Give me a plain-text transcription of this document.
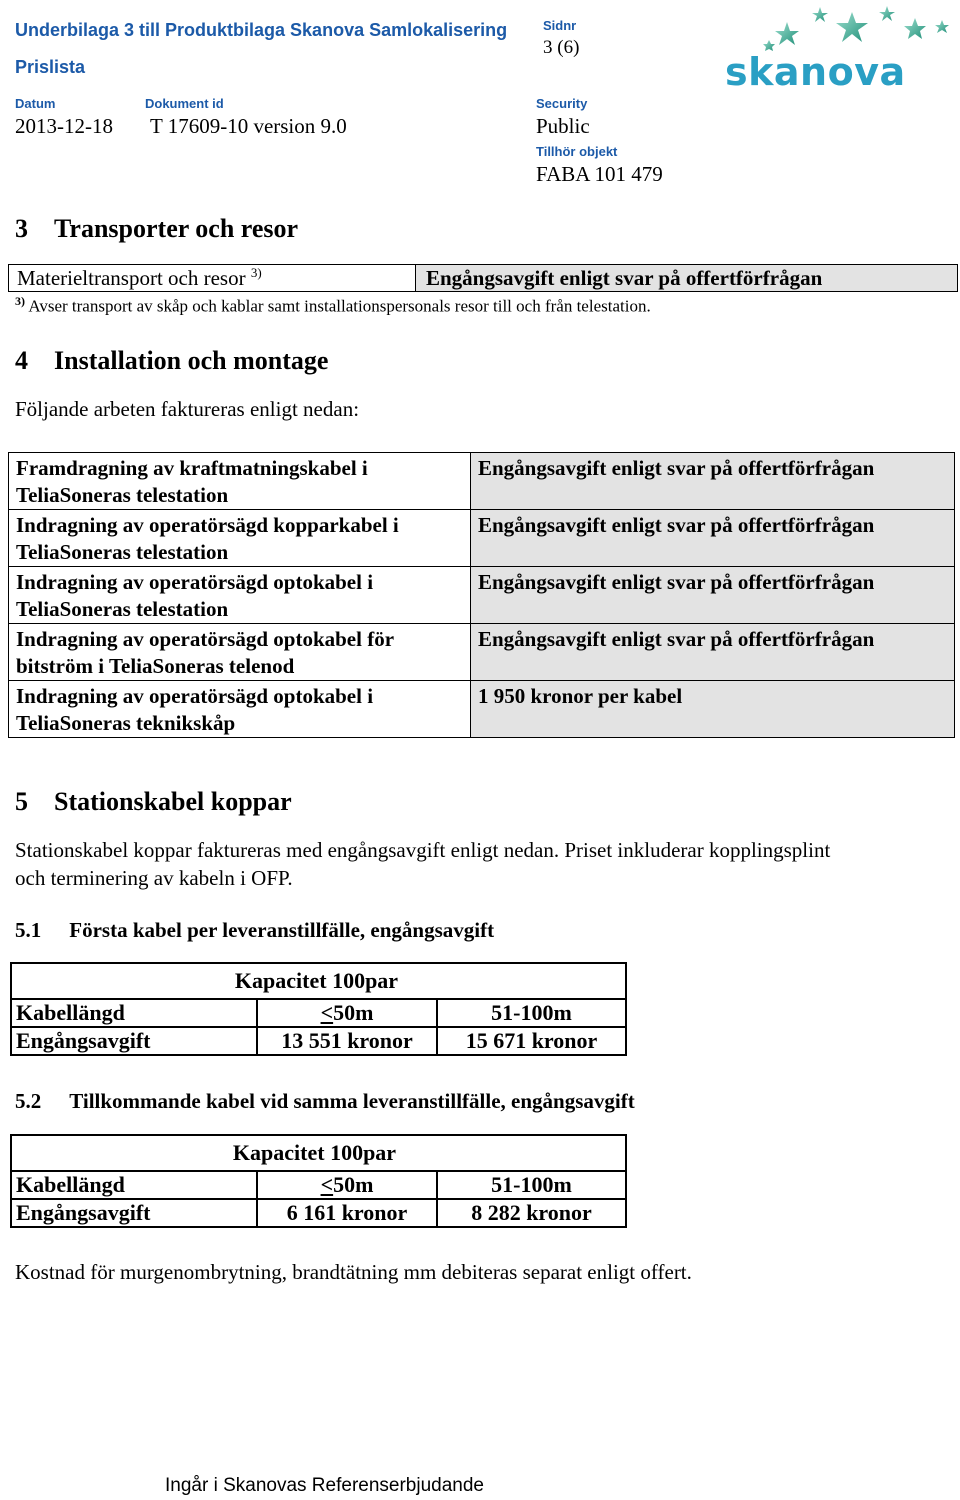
Underbilaga 3 till Produktbilaga Skanova Samlokalisering
Prislista
Sidnr
3 (6)
Datum
2013-12-18
Dokument id
T 17609-10 version 9.0
Security
Public
Tillhör objekt
FABA 101 479
skanova
3 Transporter och resor
Materieltransport och resor $^{3)}$	Engångsavgift enligt svar på offertförfrågan
$^{3)}$ Avser transport av skåp och kablar samt installationspersonals resor till och från telestation.
4 Installation och montage
Följande arbeten faktureras enligt nedan:
Framdragning av kraftmatningskabel i
TeliaSoneras telestation	Engångsavgift enligt svar på offertförfrågan
Indragning av operatörsägd kopparkabel i
TeliaSoneras telestation	Engångsavgift enligt svar på offertförfrågan
Indragning av operatörsägd optokabel i
TeliaSoneras telestation	Engångsavgift enligt svar på offertförfrågan
Indragning av operatörsägd optokabel för
bitström i TeliaSoneras telenod	Engångsavgift enligt svar på offertförfrågan
Indragning av operatörsägd optokabel i
TeliaSoneras teknikskåp	1 950 kronor per kabel
5 Stationskabel koppar
Stationskabel koppar faktureras med engångsavgift enligt nedan. Priset inkluderar kopplingsplint
och terminering av kabeln i OFP.
5.1 Första kabel per leveranstillfälle, engångsavgift
Kapacitet 100par		
Kabellängd	<50m	51-100m
Engångsavgift	13 551 kronor	15 671 kronor
5.2 Tillkommande kabel vid samma leveranstillfälle, engångsavgift
Kapacitet 100par		
Kabellängd	<50m	51-100m
Engångsavgift	6 161 kronor	8 282 kronor
Kostnad för murgenombrytning, brandtätning mm debiteras separat enligt offert.
Ingår i Skanovas Referenserbjudande
